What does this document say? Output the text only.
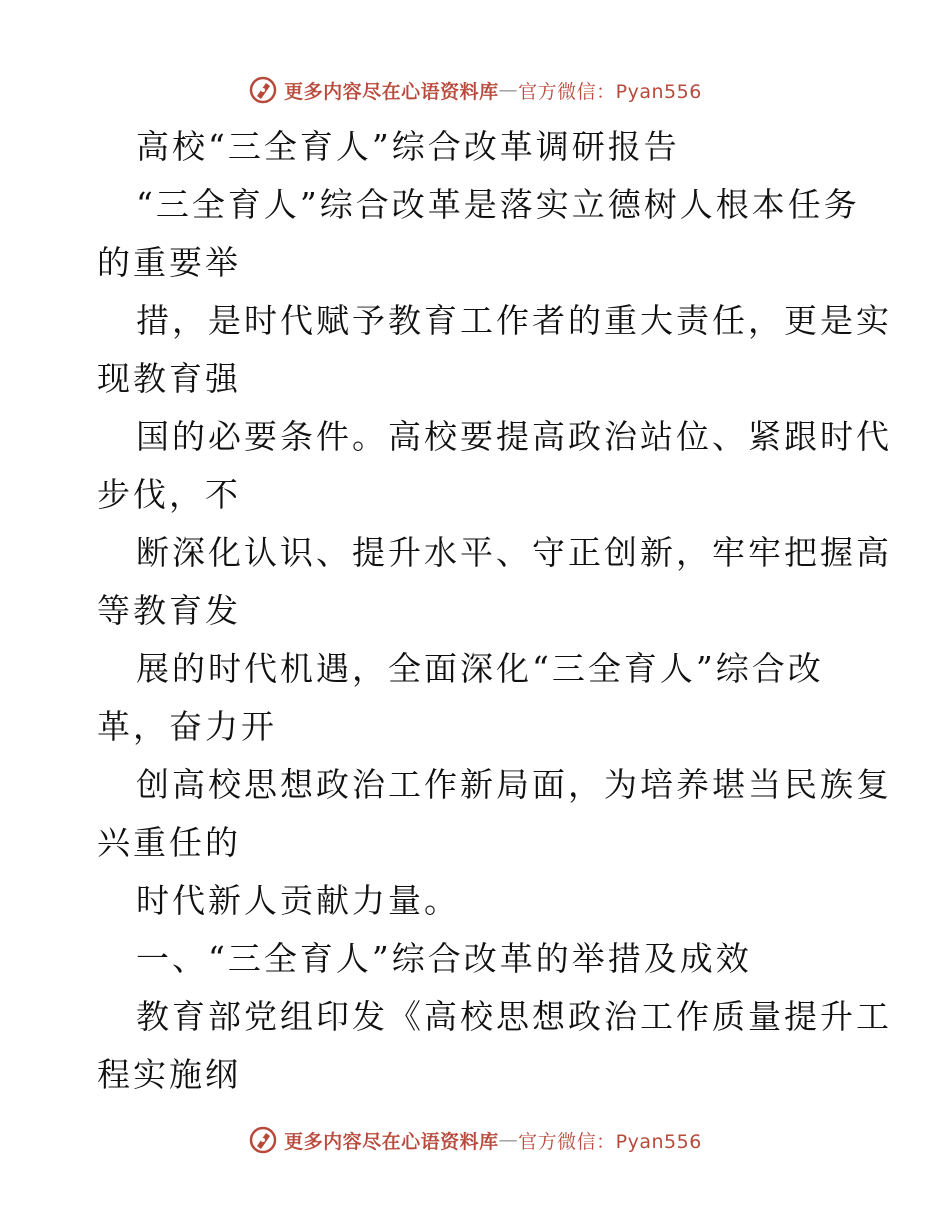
更多内容尽在心语资料库 — 官方微信：Pyan556
高校“三全育人”综合改革调研报告
“三全育人”综合改革是落实立德树人根本任务
的重要举
措，是时代赋予教育工作者的重大责任，更是实
现教育强
国的必要条件。高校要提高政治站位、紧跟时代
步伐，不
断深化认识、提升水平、守正创新，牢牢把握高
等教育发
展的时代机遇，全面深化“三全育人”综合改
革，奋力开
创高校思想政治工作新局面，为培养堪当民族复
兴重任的
时代新人贡献力量。
一、“三全育人”综合改革的举措及成效
教育部党组印发《高校思想政治工作质量提升工
程实施纲
更多内容尽在心语资料库 — 官方微信：Pyan556
